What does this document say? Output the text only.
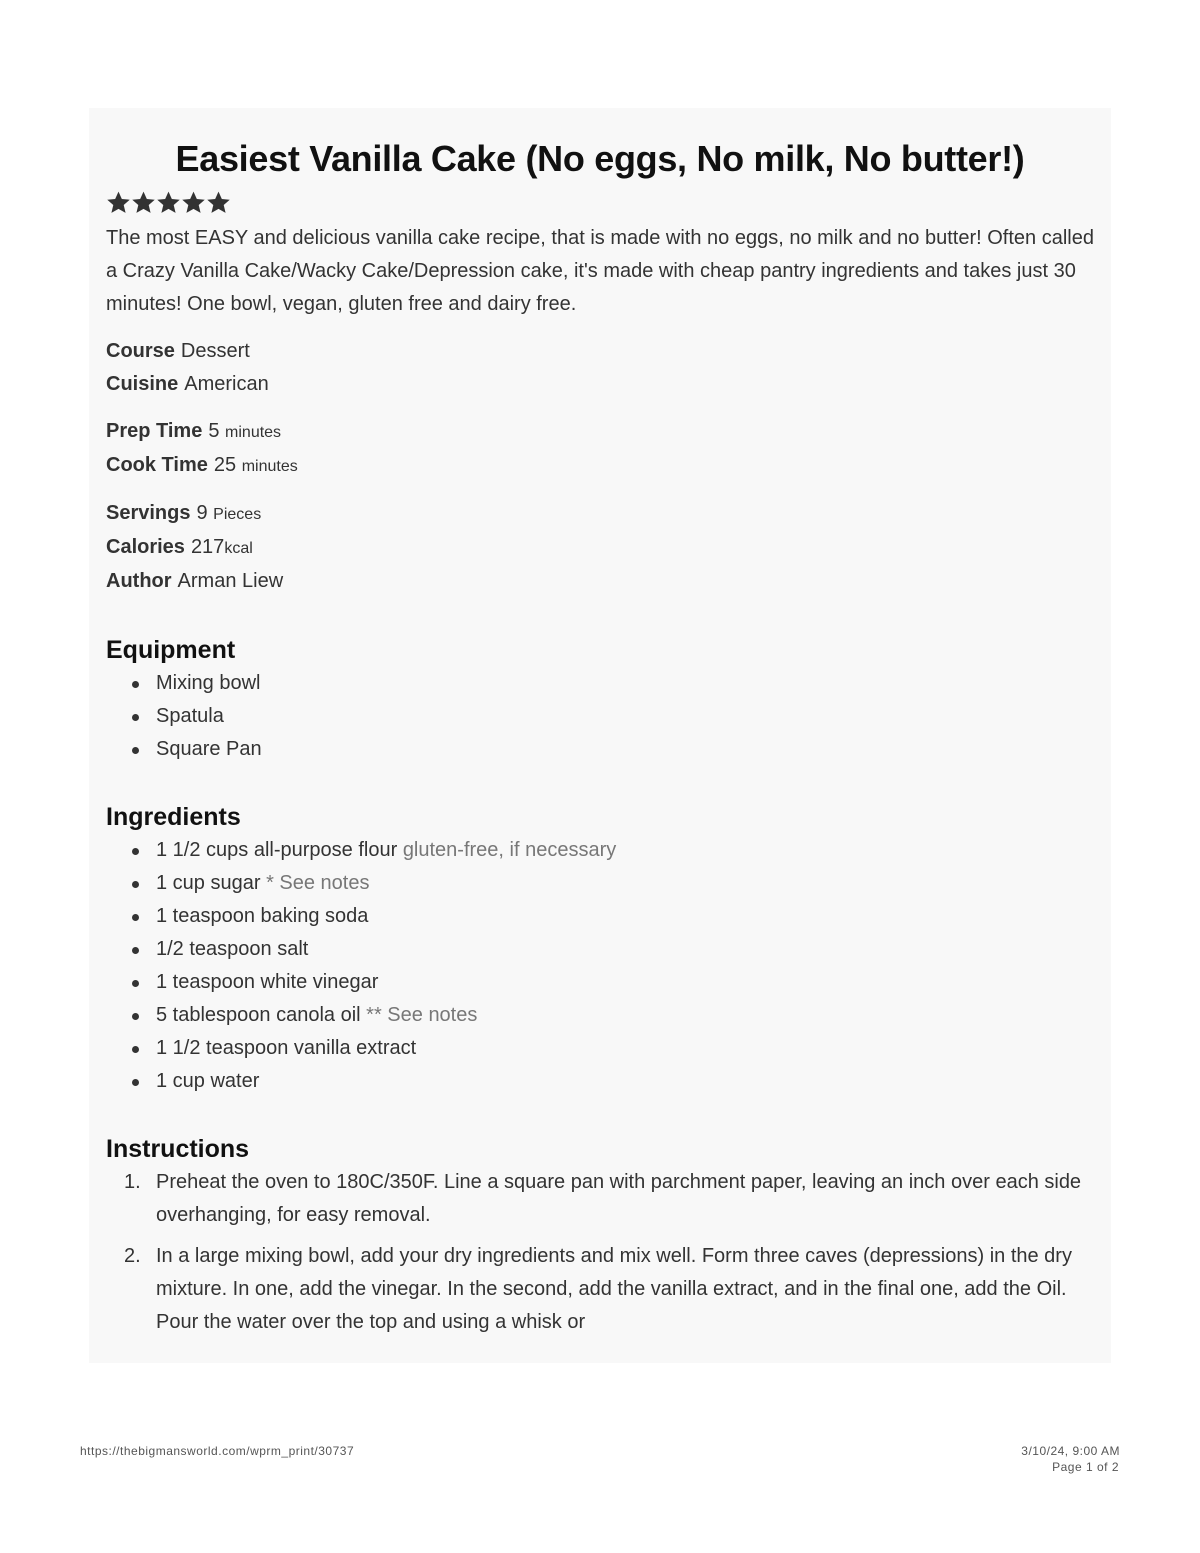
Easiest Vanilla Cake (No eggs, No milk, No butter!)
The most EASY and delicious vanilla cake recipe, that is made with no eggs, no milk and no butter! Often called a Crazy Vanilla Cake/Wacky Cake/Depression cake, it's made with cheap pantry ingredients and takes just 30 minutes! One bowl, vegan, gluten free and dairy free.
Course Dessert
Cuisine American
Prep Time 5 minutes
Cook Time 25 minutes
Servings 9 Pieces
Calories 217kcal
Author Arman Liew
Equipment
Mixing bowl
Spatula
Square Pan
Ingredients
1 1/2 cups all-purpose flour gluten-free, if necessary
1 cup sugar * See notes
1 teaspoon baking soda
1/2 teaspoon salt
1 teaspoon white vinegar
5 tablespoon canola oil ** See notes
1 1/2 teaspoon vanilla extract
1 cup water
Instructions
1. Preheat the oven to 180C/350F. Line a square pan with parchment paper, leaving an inch over each side overhanging, for easy removal.
2. In a large mixing bowl, add your dry ingredients and mix well. Form three caves (depressions) in the dry mixture. In one, add the vinegar. In the second, add the vanilla extract, and in the final one, add the Oil. Pour the water over the top and using a whisk or
https://thebigmansworld.com/wprm_print/30737	3/10/24, 9:00 AM
Page 1 of 2
